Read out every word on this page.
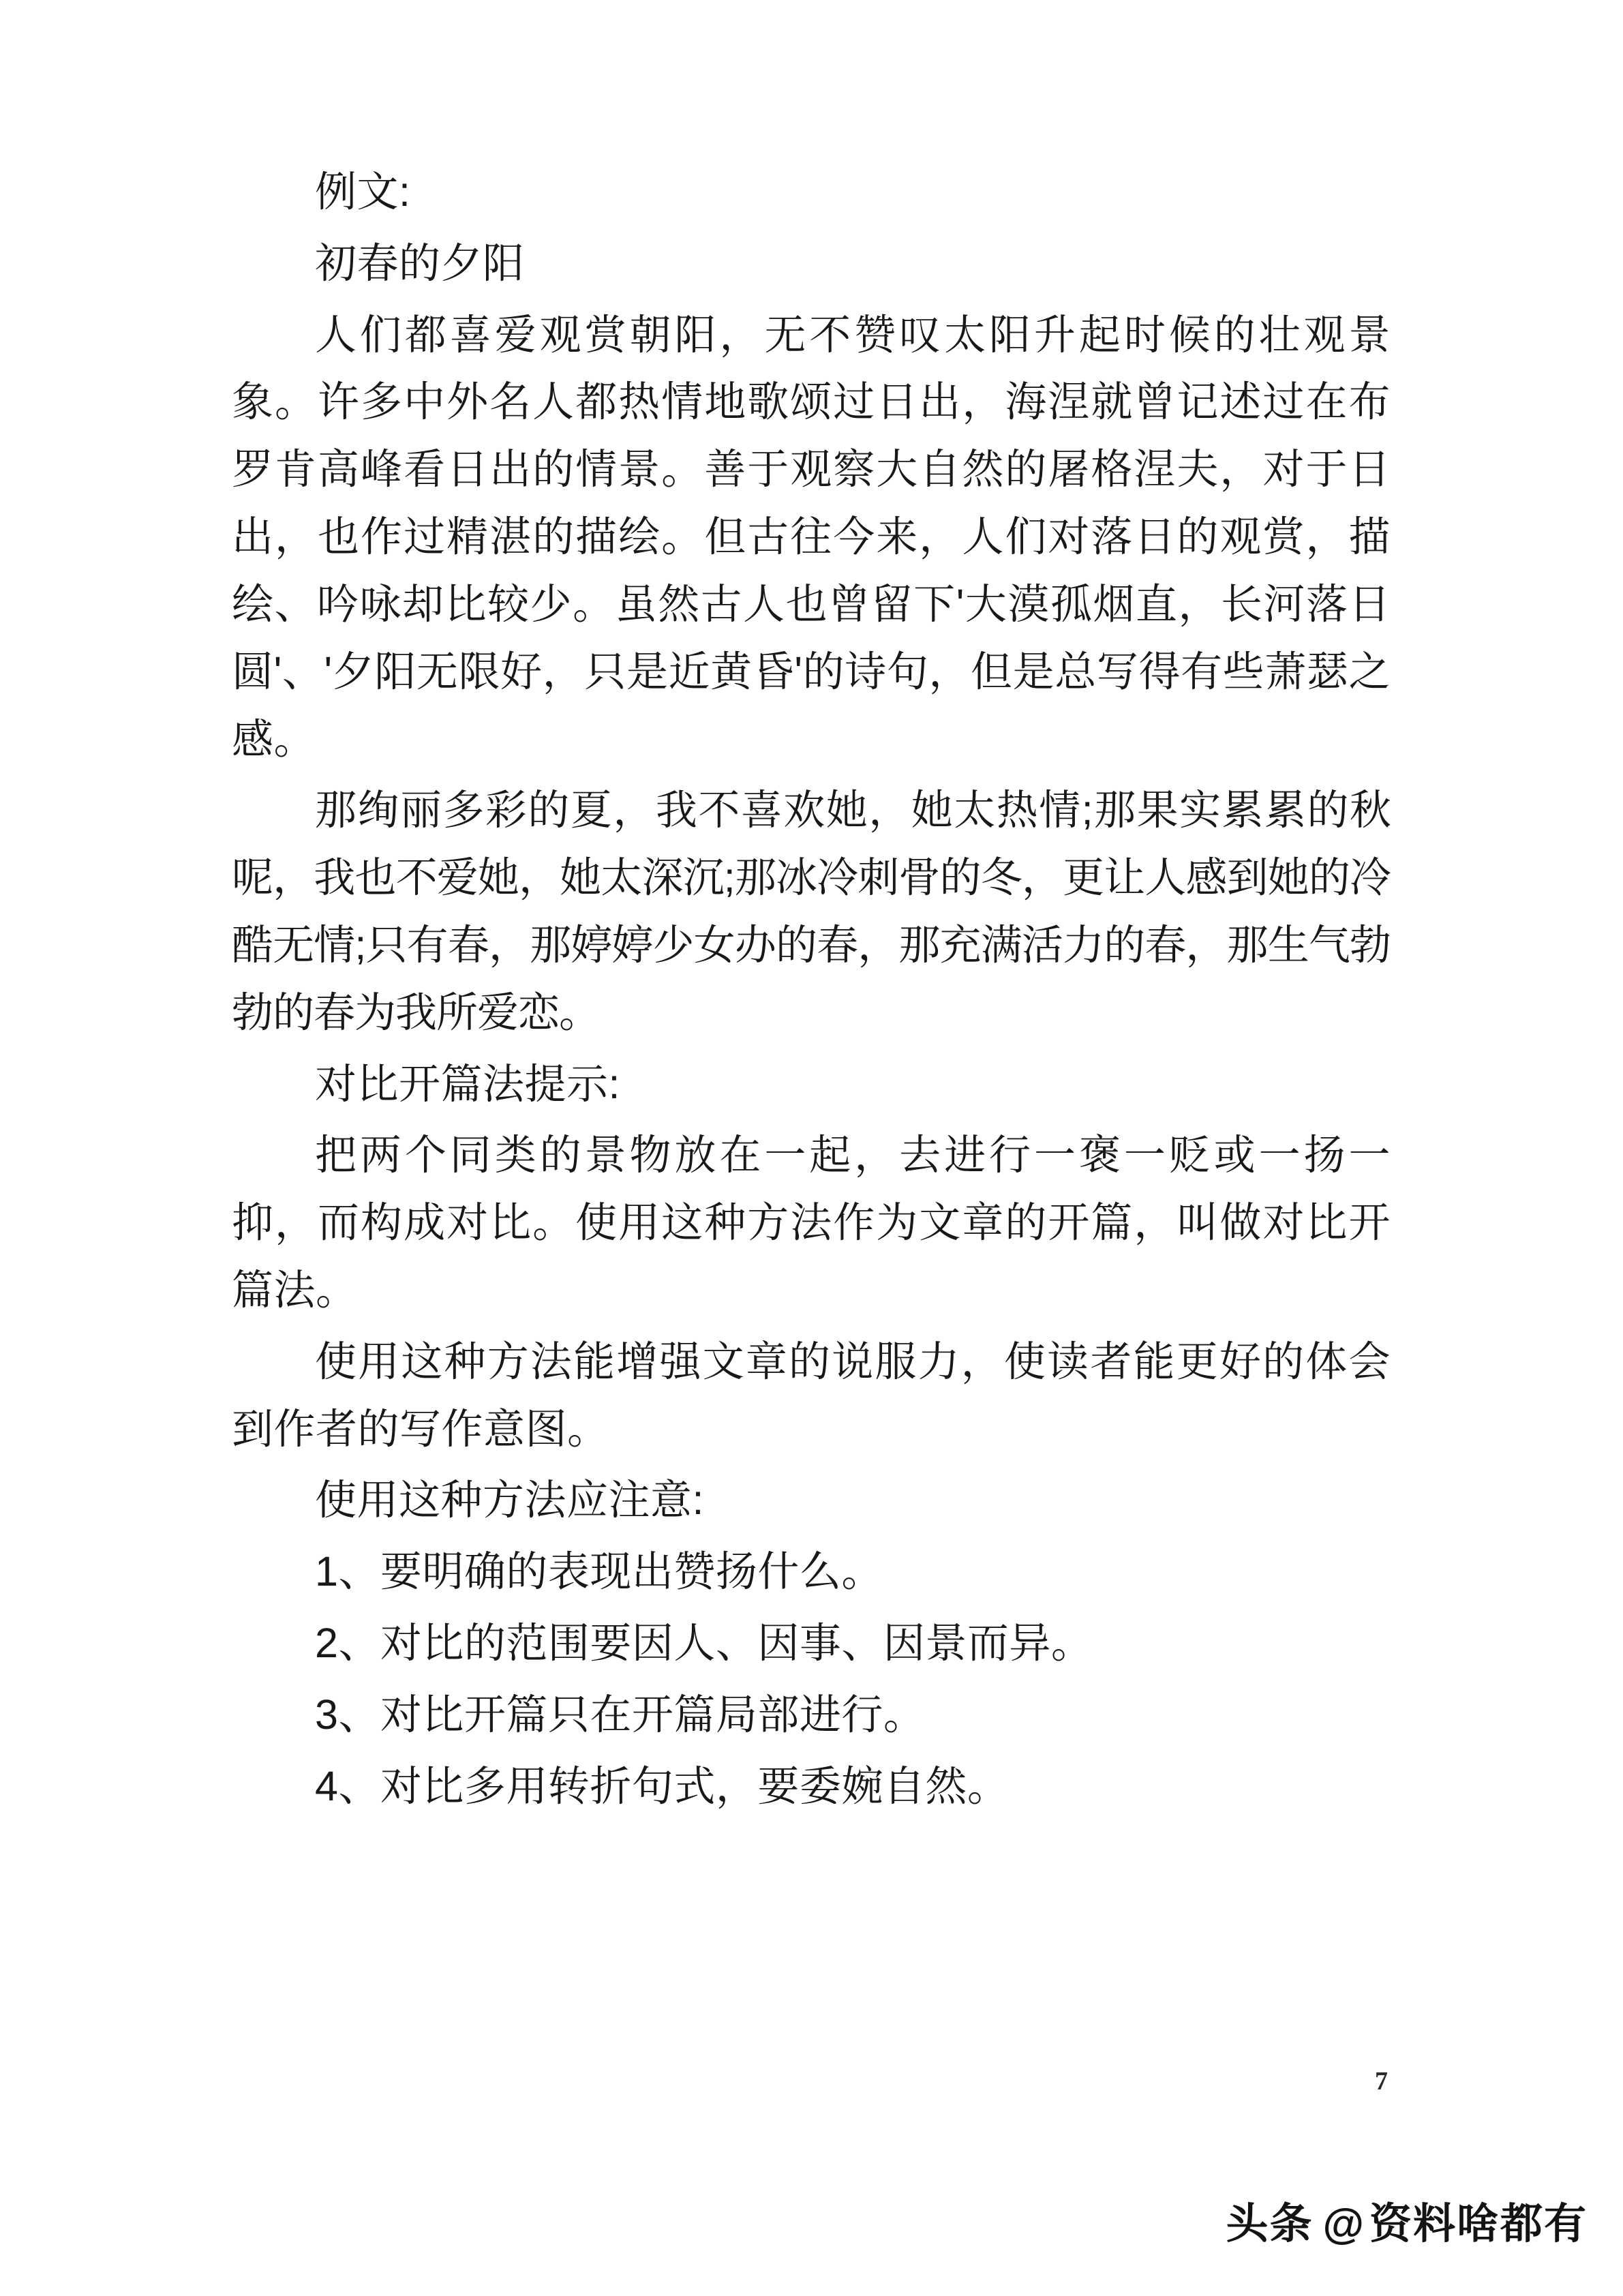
例文:

初春的夕阳

人们都喜爱观赏朝阳，无不赞叹太阳升起时候的壮观景象。许多中外名人都热情地歌颂过日出，海涅就曾记述过在布罗肯高峰看日出的情景。善于观察大自然的屠格涅夫，对于日出，也作过精湛的描绘。但古往今来，人们对落日的观赏，描绘、吟咏却比较少。虽然古人也曾留下'大漠孤烟直，长河落日圆'、'夕阳无限好，只是近黄昏'的诗句，但是总写得有些萧瑟之感。

那绚丽多彩的夏，我不喜欢她，她太热情;那果实累累的秋呢，我也不爱她，她太深沉;那冰冷刺骨的冬，更让人感到她的冷酷无情;只有春，那婷婷少女办的春，那充满活力的春，那生气勃勃的春为我所爱恋。

对比开篇法提示:

把两个同类的景物放在一起，去进行一褒一贬或一扬一抑，而构成对比。使用这种方法作为文章的开篇，叫做对比开篇法。

使用这种方法能增强文章的说服力，使读者能更好的体会到作者的写作意图。

使用这种方法应注意:

1、要明确的表现出赞扬什么。

2、对比的范围要因人、因事、因景而异。

3、对比开篇只在开篇局部进行。

4、对比多用转折句式，要委婉自然。

7
头条 @资料啥都有
